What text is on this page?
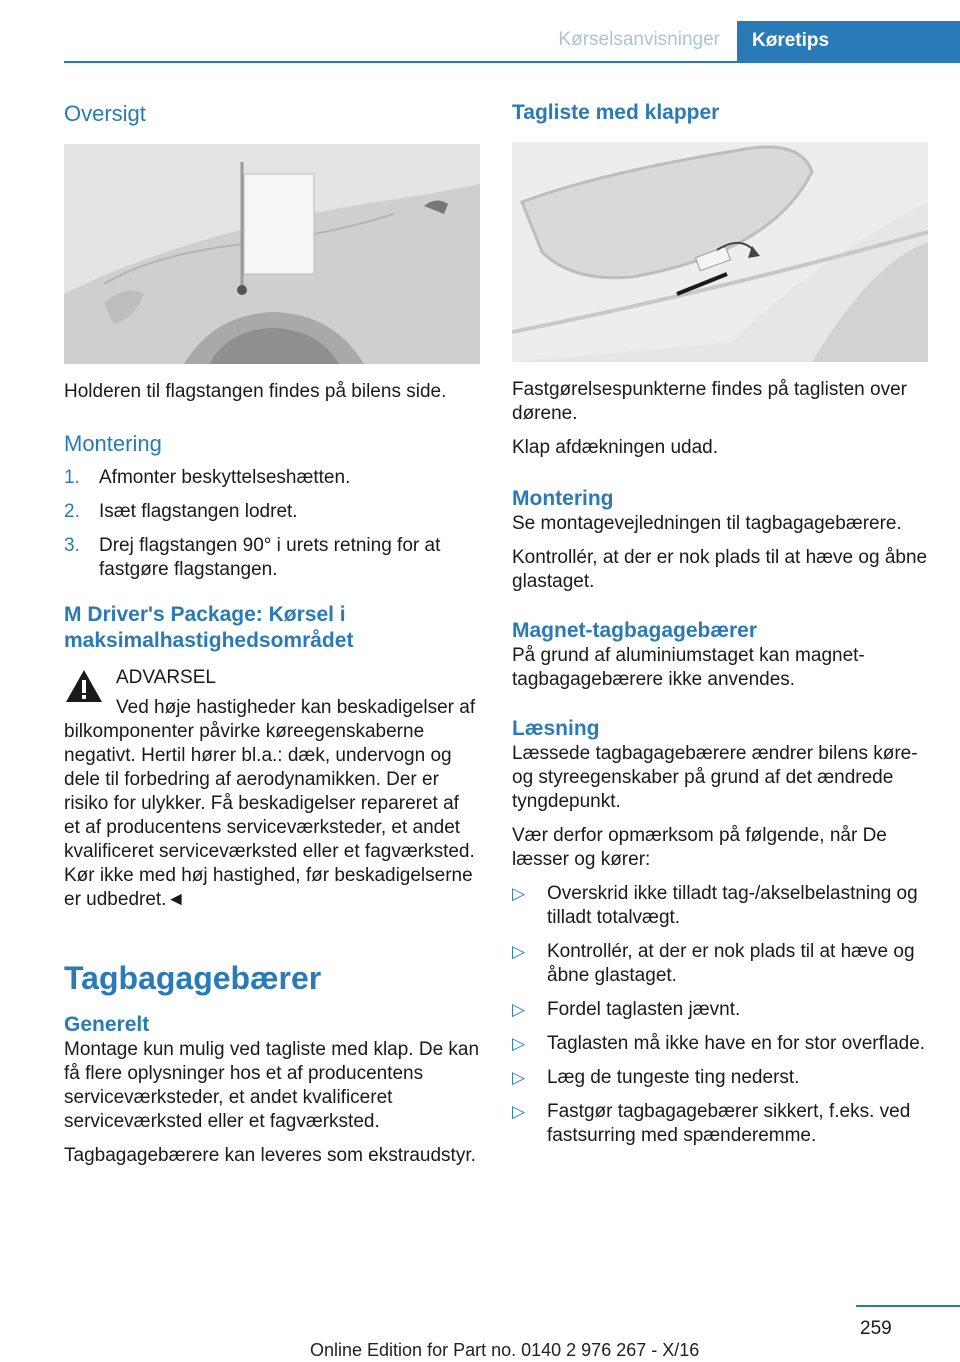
Kørselsanvisninger	Køretips
Oversigt

Holderen til flagstangen findes på bilens side.

Montering
1. Afmonter beskyttelseshætten.
2. Isæt flagstangen lodret.
3. Drej flagstangen 90° i urets retning for at fastgøre flagstangen.
M Driver's Package: Kørsel i maksimalhastighedsområdet

ADVARSEL

Ved høje hastigheder kan beskadigelser af bilkomponenter påvirke køreegenskaberne negativt. Hertil hører bl.a.: dæk, undervogn og dele til forbedring af aerodynamikken. Der er risiko for ulykker. Få beskadigelser repareret af et af producentens serviceværksteder, et andet kvalificeret serviceværksted eller et fagværksted. Kør ikke med høj hastighed, før beskadigelserne er udbedret.◄

Tagbagagebærer
Generelt

Montage kun mulig ved tagliste med klap. De kan få flere oplysninger hos et af producentens serviceværksteder, et andet kvalificeret serviceværksted eller et fagværksted.

Tagbagagebærere kan leveres som ekstraudstyr.

Tagliste med klapper

Fastgørelsespunkterne findes på taglisten over dørene.

Klap afdækningen udad.

Montering

Se montagevejledningen til tagbagagebærere.

Kontrollér, at der er nok plads til at hæve og åbne glastaget.

Magnet-tagbagagebærer

På grund af aluminiumstaget kan magnet-tagbagagebærere ikke anvendes.

Læsning

Læssede tagbagagebærere ændrer bilens køre- og styreegenskaber på grund af det ændrede tyngdepunkt.

Vær derfor opmærksom på følgende, når De læsser og kører:

▷ Overskrid ikke tilladt tag-/akselbelastning og tilladt totalvægt.
▷ Kontrollér, at der er nok plads til at hæve og åbne glastaget.
▷ Fordel taglasten jævnt.
▷ Taglasten må ikke have en for stor overflade.
▷ Læg de tungeste ting nederst.
▷ Fastgør tagbagagebærer sikkert, f.eks. ved fastsurring med spænderemme.
259
Online Edition for Part no. 0140 2 976 267 - X/16
